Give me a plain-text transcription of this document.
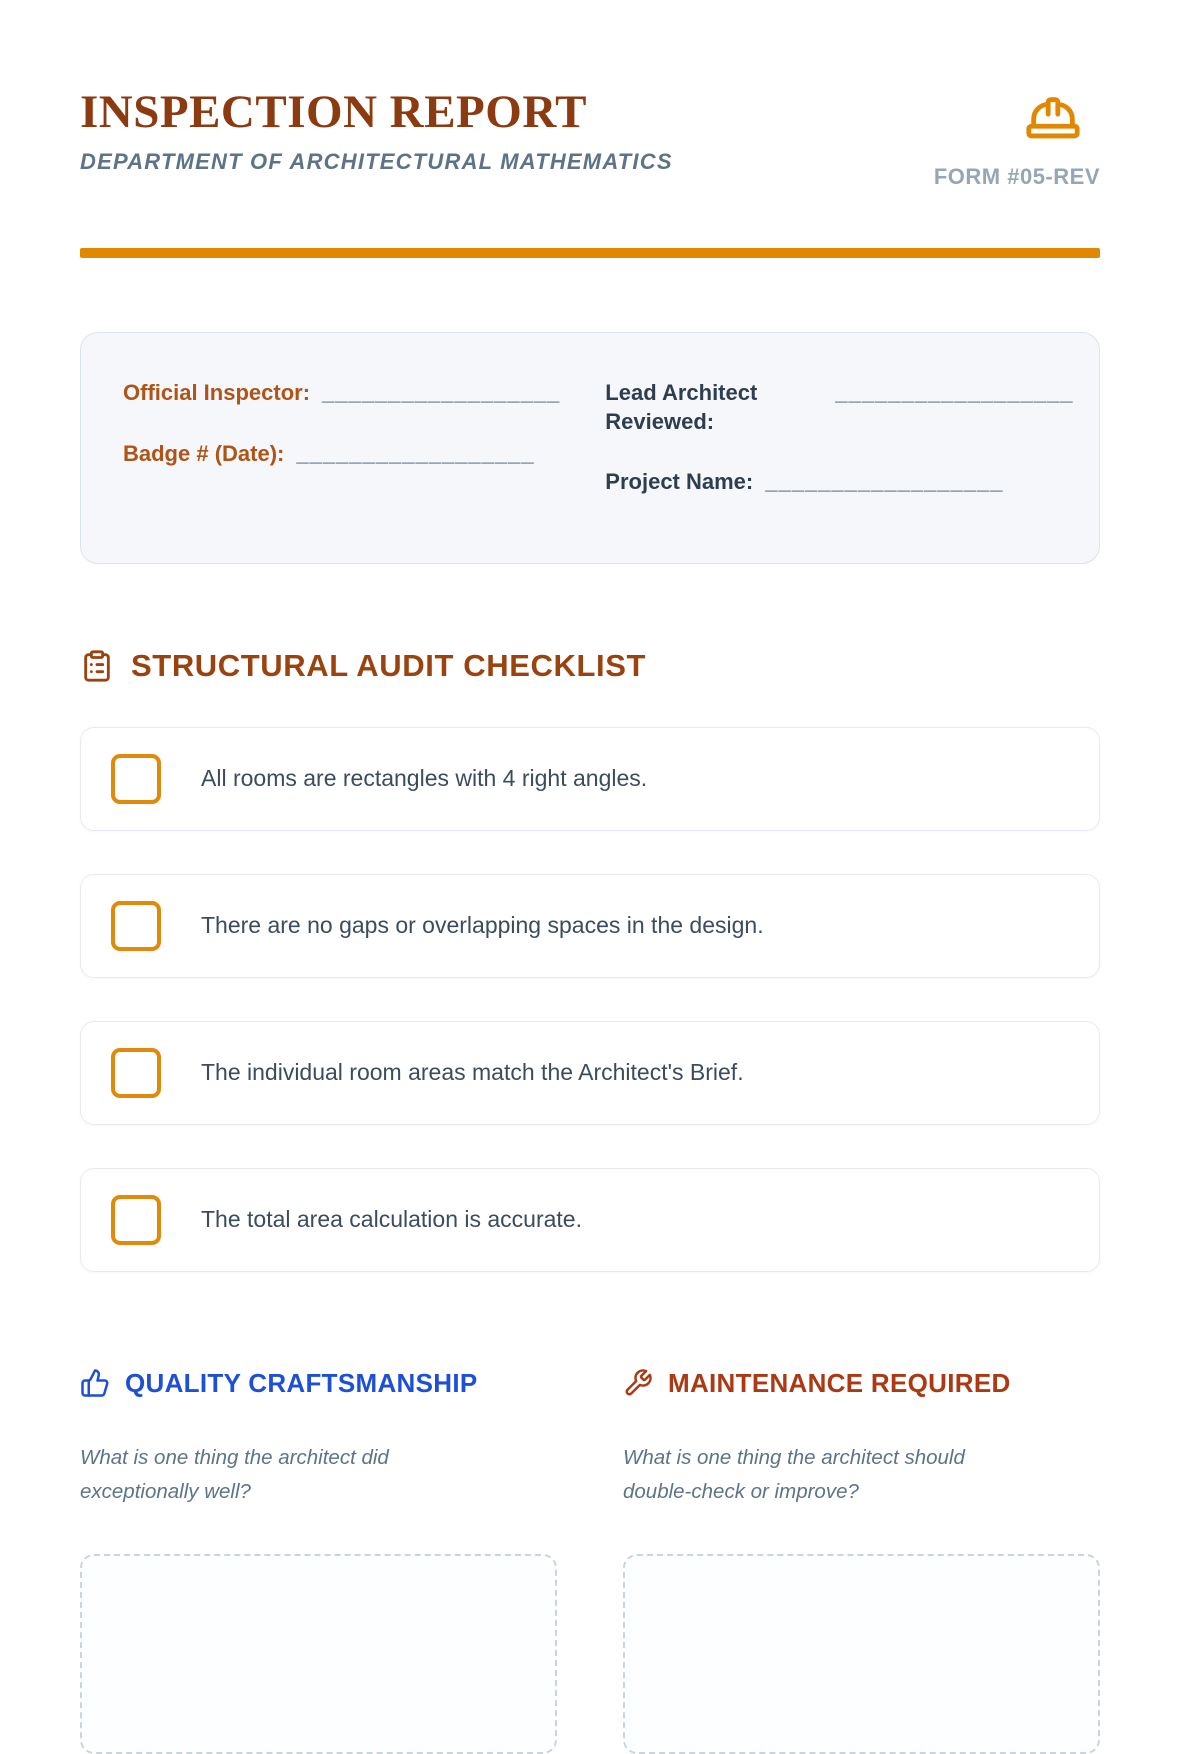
INSPECTION REPORT
DEPARTMENT OF ARCHITECTURAL MATHEMATICS
FORM #05-REV
Official Inspector: __________________
Badge # (Date): __________________
Lead Architect Reviewed:
__________________
Project Name: __________________
STRUCTURAL AUDIT CHECKLIST
All rooms are rectangles with 4 right angles.
There are no gaps or overlapping spaces in the design.
The individual room areas match the Architect's Brief.
The total area calculation is accurate.
QUALITY CRAFTSMANSHIP
What is one thing the architect did
exceptionally well?
MAINTENANCE REQUIRED
What is one thing the architect should
double-check or improve?
